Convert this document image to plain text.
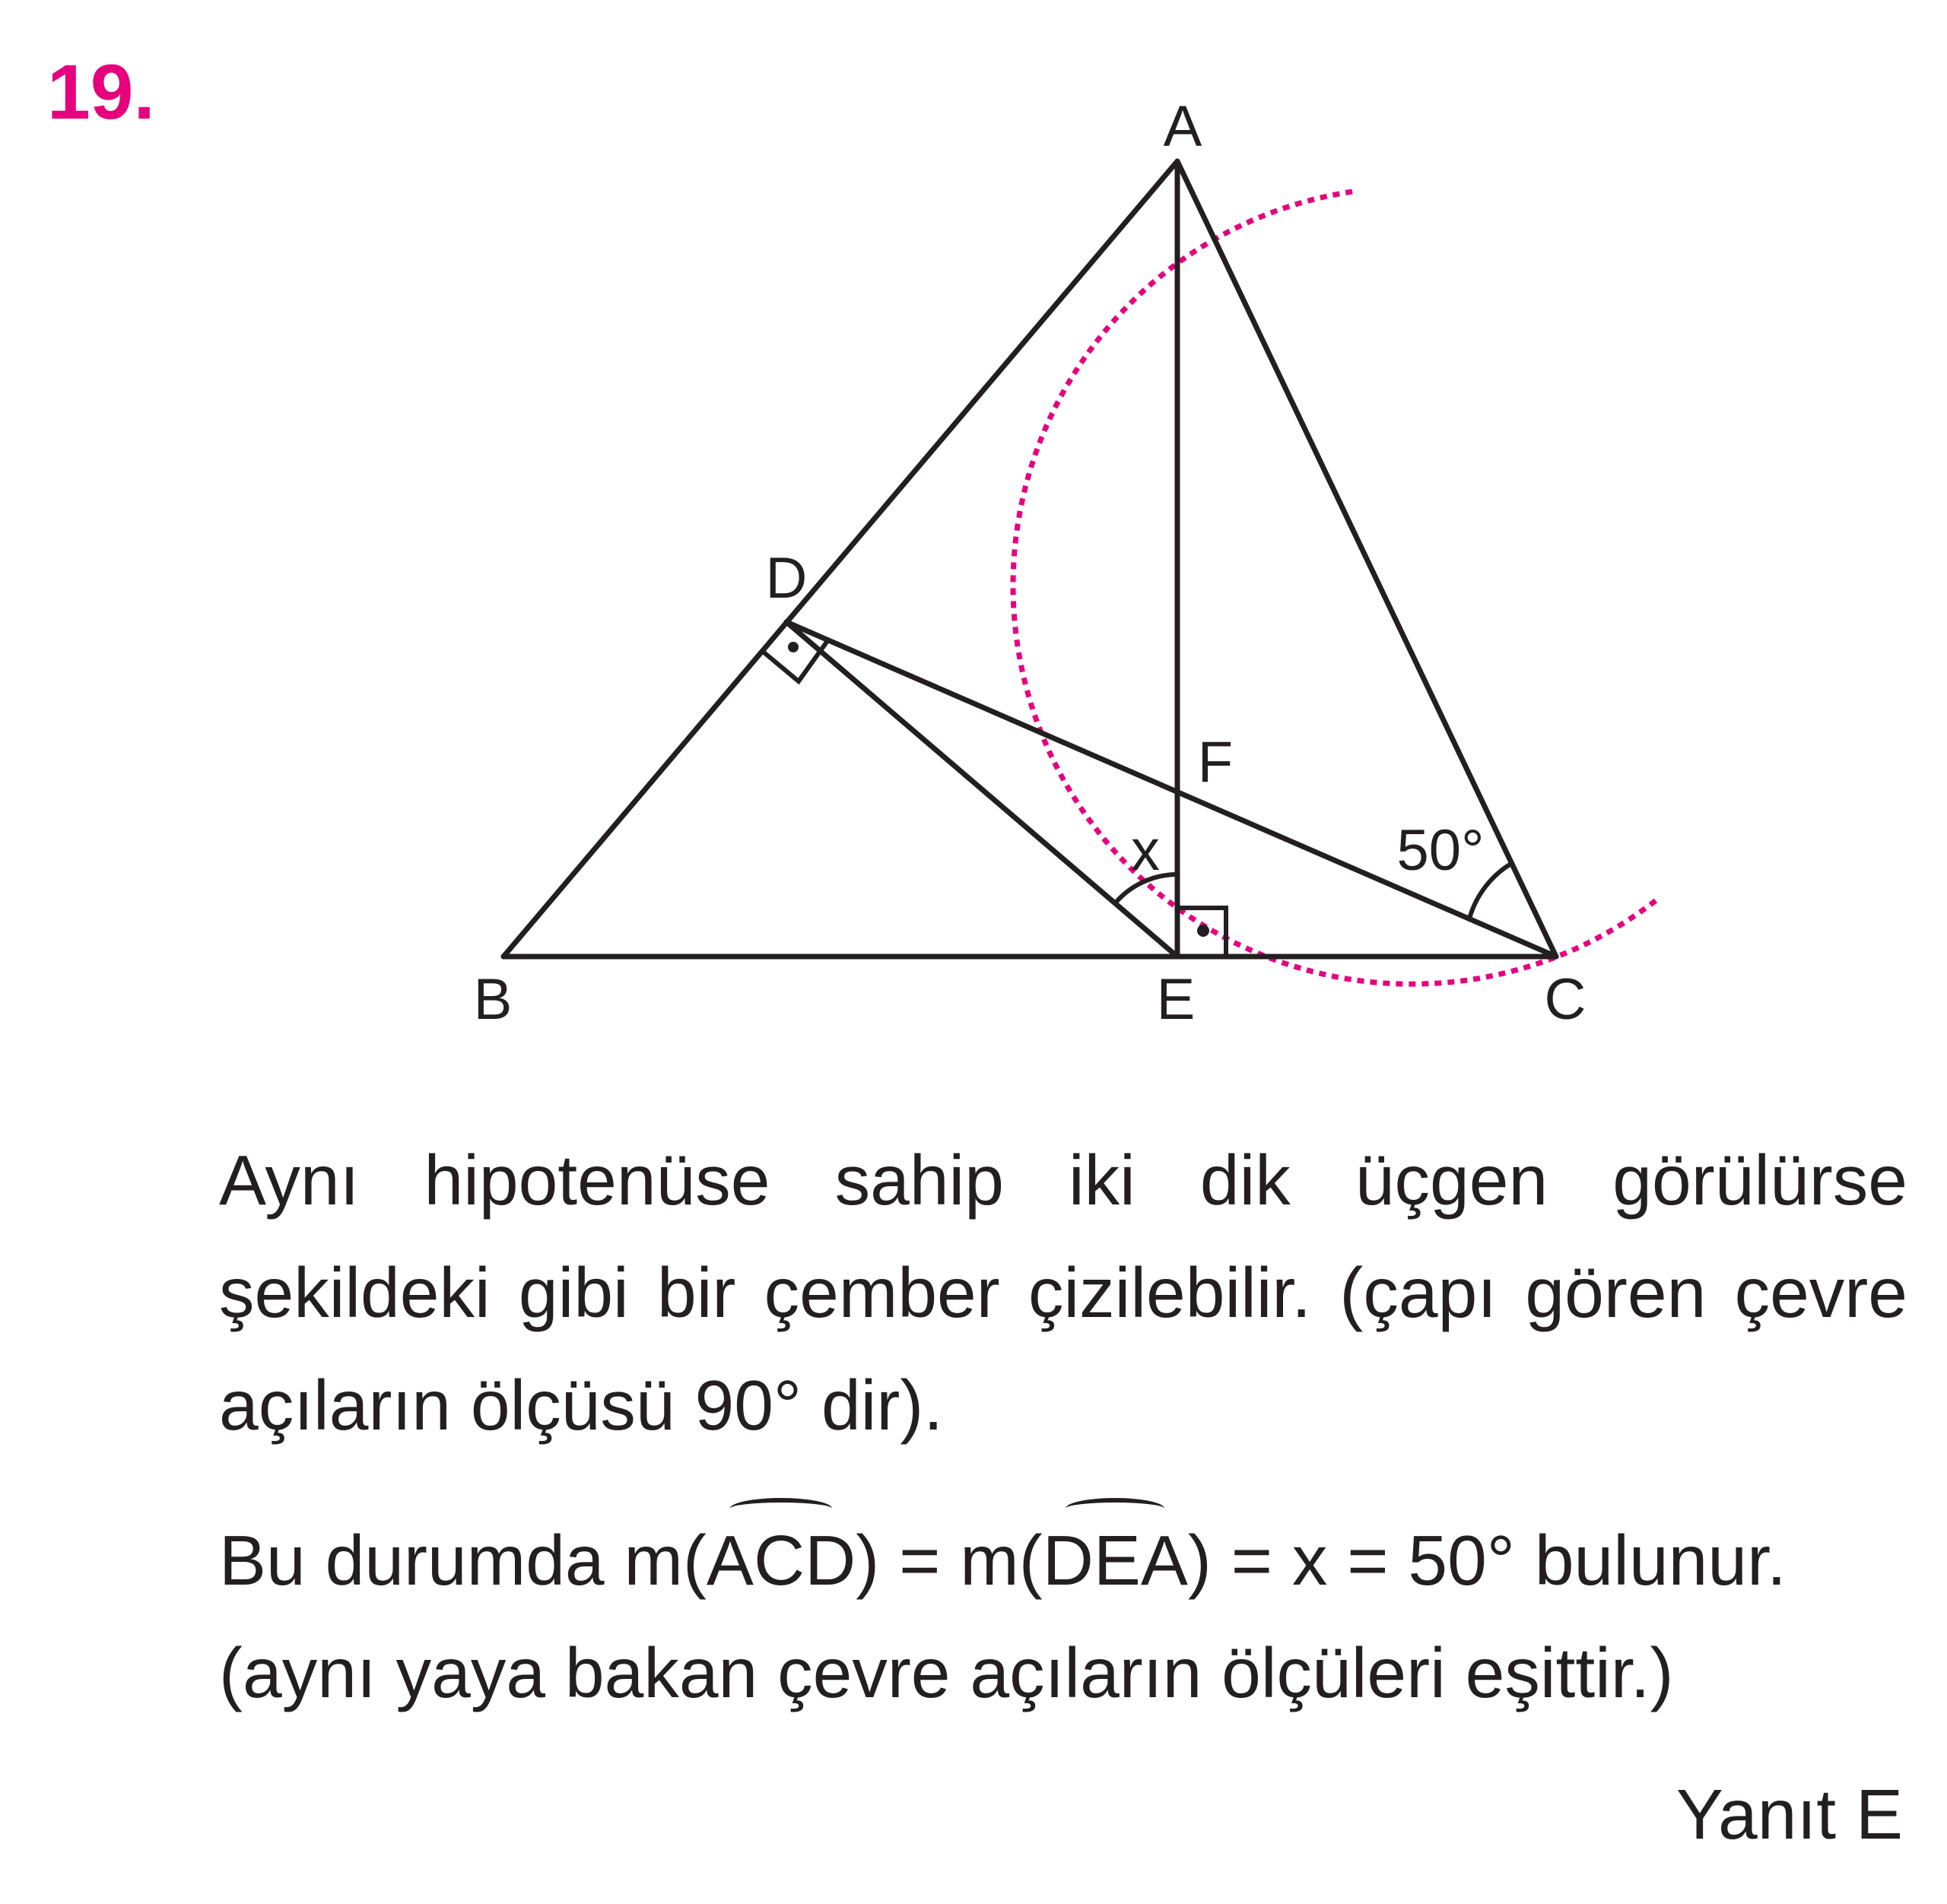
19.	A
B	C
D
E
F
x	50°

Aynı hipotenüse sahip iki dik üçgen görülürse şekildeki gibi bir çember çizilebilir. (çapı gören çevre açıların ölçüsü 90° dir).

Bu durumda m(ACD) = m(DEA) = x = 50° bulunur.

(aynı yaya bakan çevre açıların ölçüleri eşittir.)

Yanıt E
